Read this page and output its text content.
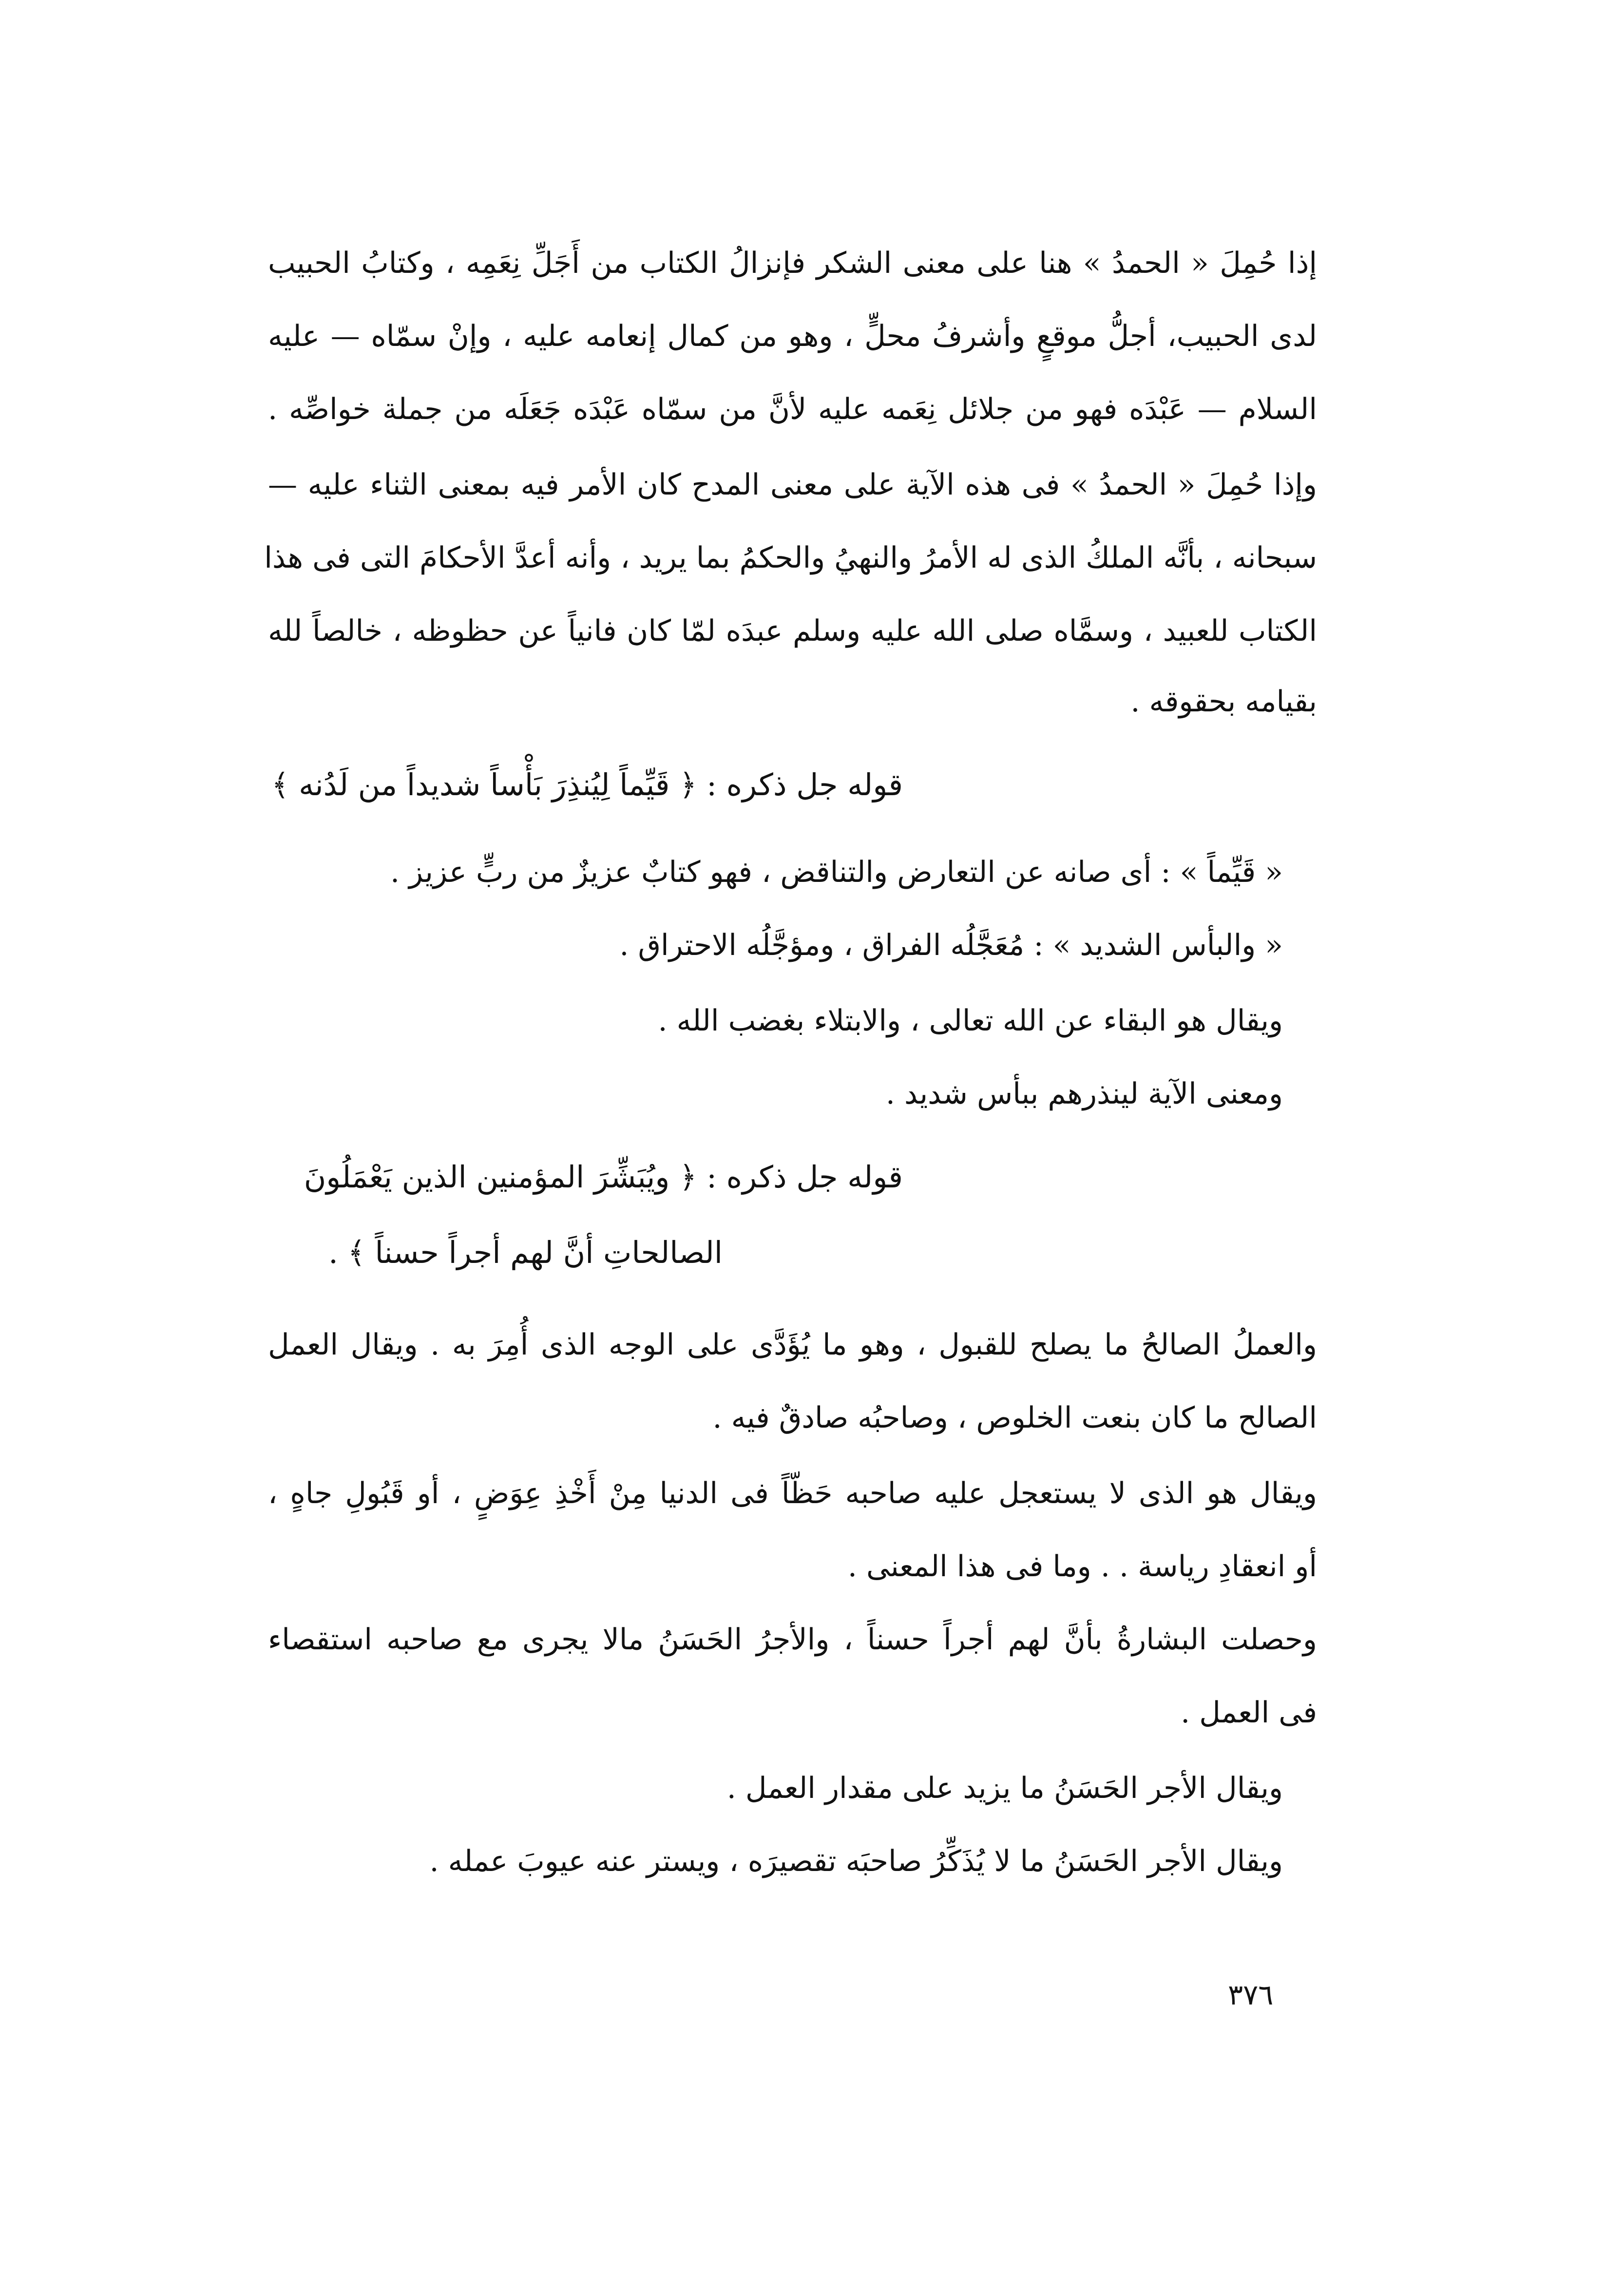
إذا حُمِلَ « الحمدُ » هنا على معنى الشكر فإنزالُ الكتاب من أَجَلِّ نِعَمِه ، وكتابُ الحبيب
لدى الحبيب، أجلُّ موقعٍ وأشرفُ محلٍّ ، وهو من كمال إنعامه عليه ، وإنْ سمّاه — عليه
السلام — عَبْدَه فهو من جلائل نِعَمه عليه لأنَّ من سمّاه عَبْدَه جَعَلَه من جملة خواصِّه .
وإذا حُمِلَ « الحمدُ » فى هذه الآية على معنى المدح كان الأمر فيه بمعنى الثناء عليه —
سبحانه ، بأنَّه الملكُ الذى له الأمرُ والنهيُ والحكمُ بما يريد ، وأنه أعدَّ الأحكامَ التى فى هذا
الكتاب للعبيد ، وسمَّاه صلى الله عليه وسلم عبدَه لمّا كان فانياً عن حظوظه ، خالصاً لله
بقيامه بحقوقه .
قوله جل ذكره : ﴿ قَيِّماً لِيُنذِرَ بَأْساً شديداً من لَدُنه ﴾
« قَيِّماً » : أى صانه عن التعارض والتناقض ، فهو كتابٌ عزيزٌ من ربٍّ عزيز .
« والبأس الشديد » : مُعَجَّلُه الفراق ، ومؤجَّلُه الاحتراق .
ويقال هو البقاء عن الله تعالى ، والابتلاء بغضب الله .
ومعنى الآية لينذرهم ببأس شديد .
قوله جل ذكره : ﴿ ويُبَشِّرَ المؤمنين الذين يَعْمَلُونَ
الصالحاتِ أنَّ لهم أجراً حسناً ﴾ .
والعملُ الصالحُ ما يصلح للقبول ، وهو ما يُؤَدَّى على الوجه الذى أُمِرَ به . ويقال العمل
الصالح ما كان بنعت الخلوص ، وصاحبُه صادقٌ فيه .
ويقال هو الذى لا يستعجل عليه صاحبه حَظّاً فى الدنيا مِنْ أَخْذِ عِوَضٍ ، أو قَبُولِ جاهٍ ،
أو انعقادِ رياسة . . وما فى هذا المعنى .
وحصلت البشارةُ بأنَّ لهم أجراً حسناً ، والأجرُ الحَسَنُ مالا يجرى مع صاحبه استقصاء
فى العمل .
ويقال الأجر الحَسَنُ ما يزيد على مقدار العمل .
ويقال الأجر الحَسَنُ ما لا يُذَكِّرُ صاحبَه تقصيرَه ، ويستر عنه عيوبَ عمله .
٣٧٦
